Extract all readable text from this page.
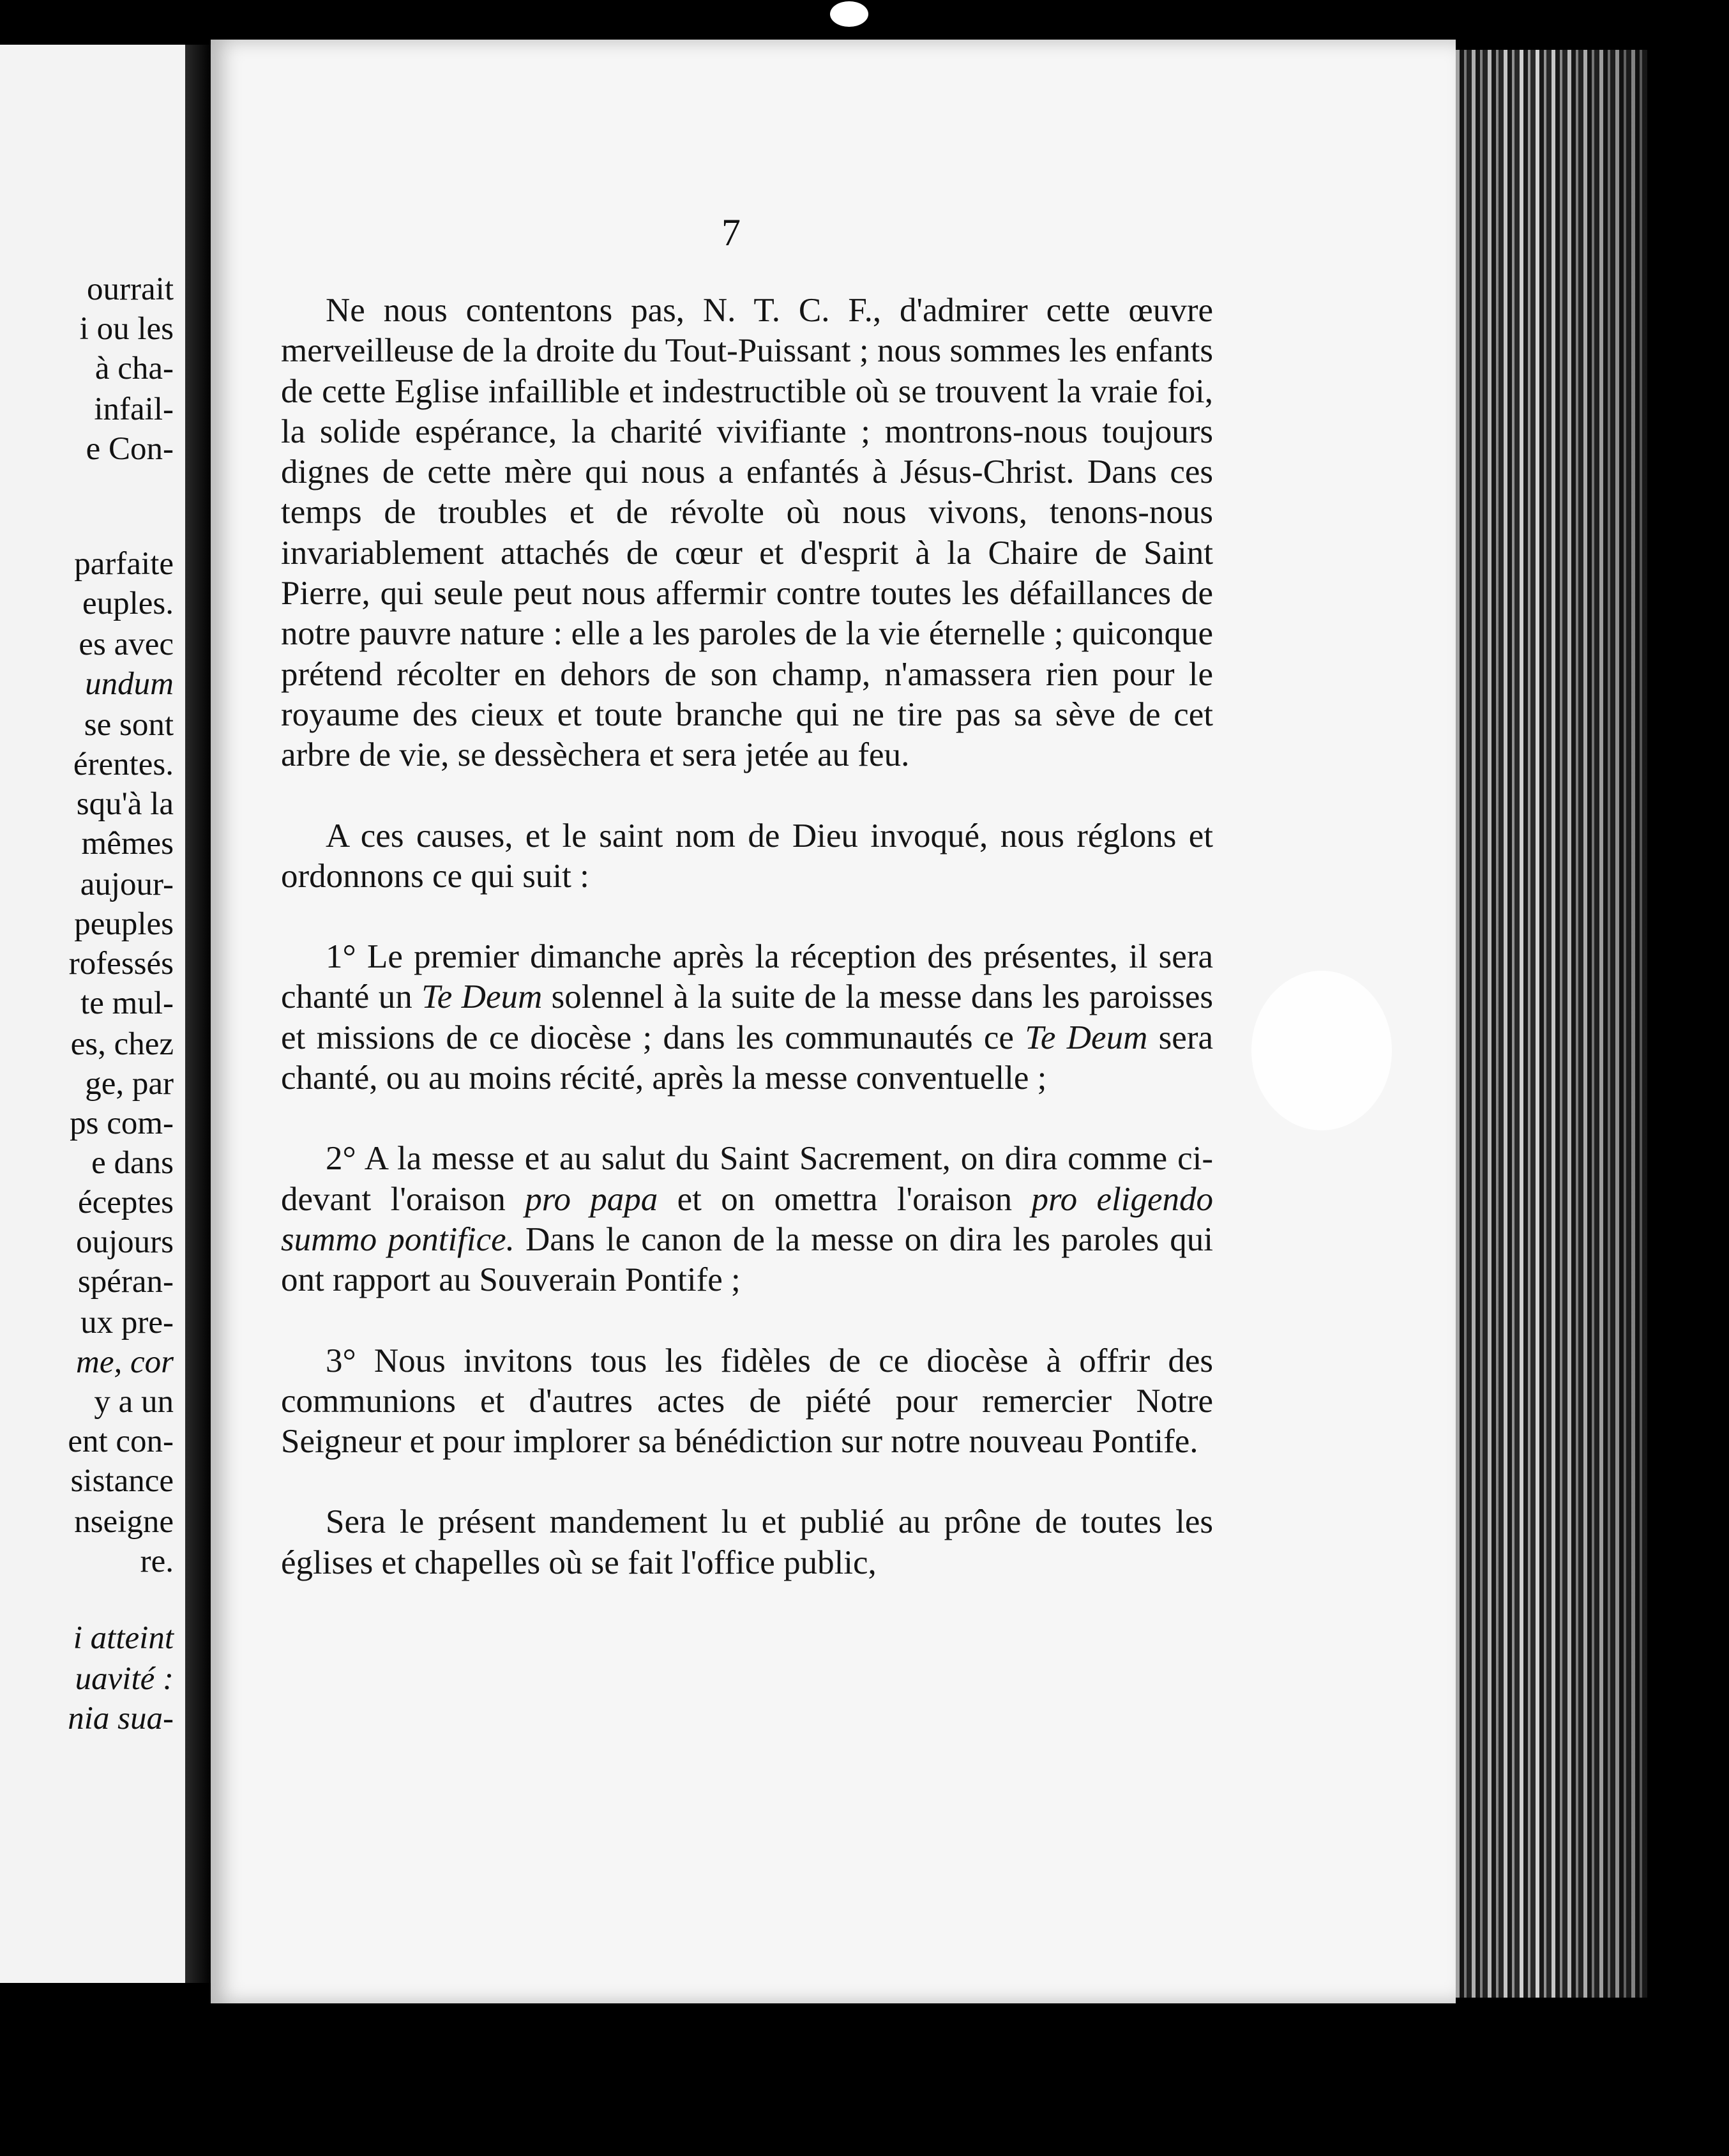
ourrait
i ou les
à cha-
infail-
e Con-
parfaite
euples.
es avec
undum
se sont
érentes.
squ'à la
mêmes
aujour-
peuples
rofessés
te mul-
es, chez
ge, par
ps com-
e dans
éceptes
oujours
spéran-
ux pre-
me, cor
y a un
ent con-
sistance
nseigne
re.
i atteint
uavité :
nia sua-
7

Ne nous contentons pas, N. T. C. F., d'admirer cette œuvre merveilleuse de la droite du Tout-Puissant ; nous sommes les enfants de cette Eglise infaillible et indestructible où se trouvent la vraie foi, la solide espérance, la charité vivifiante ; montrons-nous toujours dignes de cette mère qui nous a enfantés à Jésus-Christ. Dans ces temps de troubles et de révolte où nous vivons, tenons-nous invariablement attachés de cœur et d'esprit à la Chaire de Saint Pierre, qui seule peut nous affermir contre toutes les défaillances de notre pauvre nature : elle a les paroles de la vie éternelle ; quiconque prétend récolter en dehors de son champ, n'amassera rien pour le royaume des cieux et toute branche qui ne tire pas sa sève de cet arbre de vie, se dessèchera et sera jetée au feu.

A ces causes, et le saint nom de Dieu invoqué, nous réglons et ordonnons ce qui suit :

1° Le premier dimanche après la réception des présentes, il sera chanté un Te Deum solennel à la suite de la messe dans les paroisses et missions de ce diocèse ; dans les communautés ce Te Deum sera chanté, ou au moins récité, après la messe conventuelle ;

2° A la messe et au salut du Saint Sacrement, on dira comme ci-devant l'oraison pro papa et on omettra l'oraison pro eligendo summo pontifice. Dans le canon de la messe on dira les paroles qui ont rapport au Souverain Pontife ;

3° Nous invitons tous les fidèles de ce diocèse à offrir des communions et d'autres actes de piété pour remercier Notre Seigneur et pour implorer sa bénédiction sur notre nouveau Pontife.

Sera le présent mandement lu et publié au prône de toutes les églises et chapelles où se fait l'office public,
